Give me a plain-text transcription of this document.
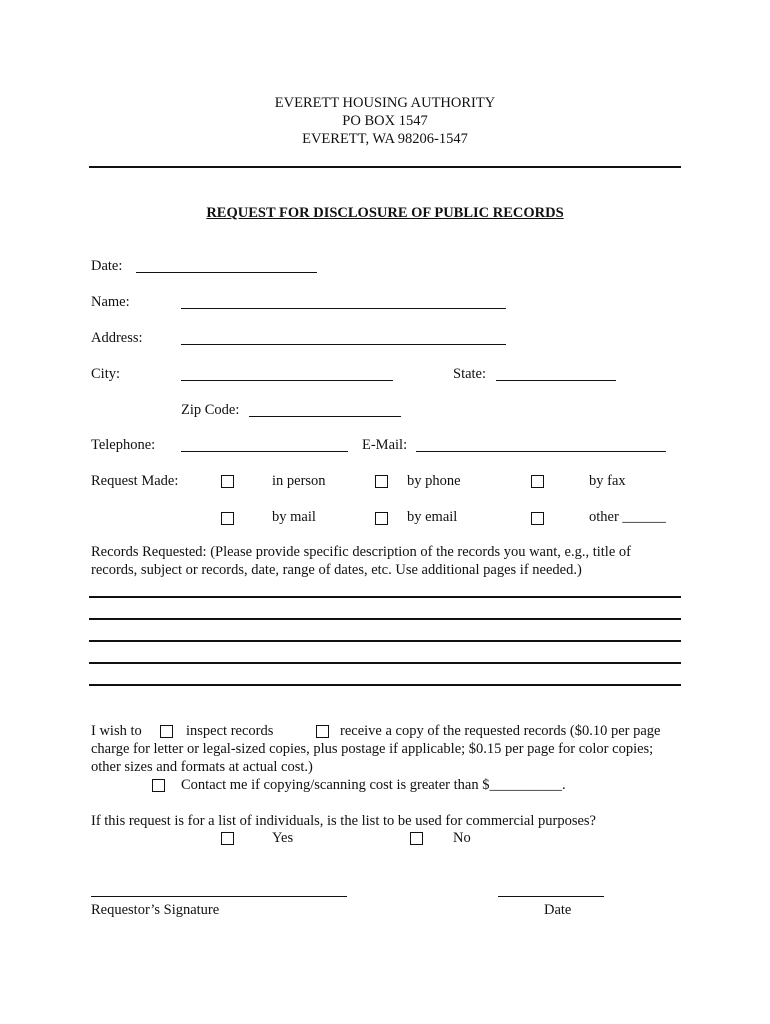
EVERETT HOUSING AUTHORITY
PO BOX 1547
EVERETT, WA 98206-1547
REQUEST FOR DISCLOSURE OF PUBLIC RECORDS
Date:
Name:
Address:
City:	State:
Zip Code:
Telephone:	E-Mail:
Request Made:	in person	by phone	by fax
by mail	by email	other ______
Records Requested: (Please provide specific description of the records you want, e.g., title of
records, subject or records, date, range of dates, etc. Use additional pages if needed.)
I wish to	inspect records	receive a copy of the requested records ($0.10 per page
charge for letter or legal-sized copies, plus postage if applicable; $0.15 per page for color copies;
other sizes and formats at actual cost.)
Contact me if copying/scanning cost is greater than $__________.
If this request is for a list of individuals, is the list to be used for commercial purposes?
Yes	No
Requestor’s Signature	Date
